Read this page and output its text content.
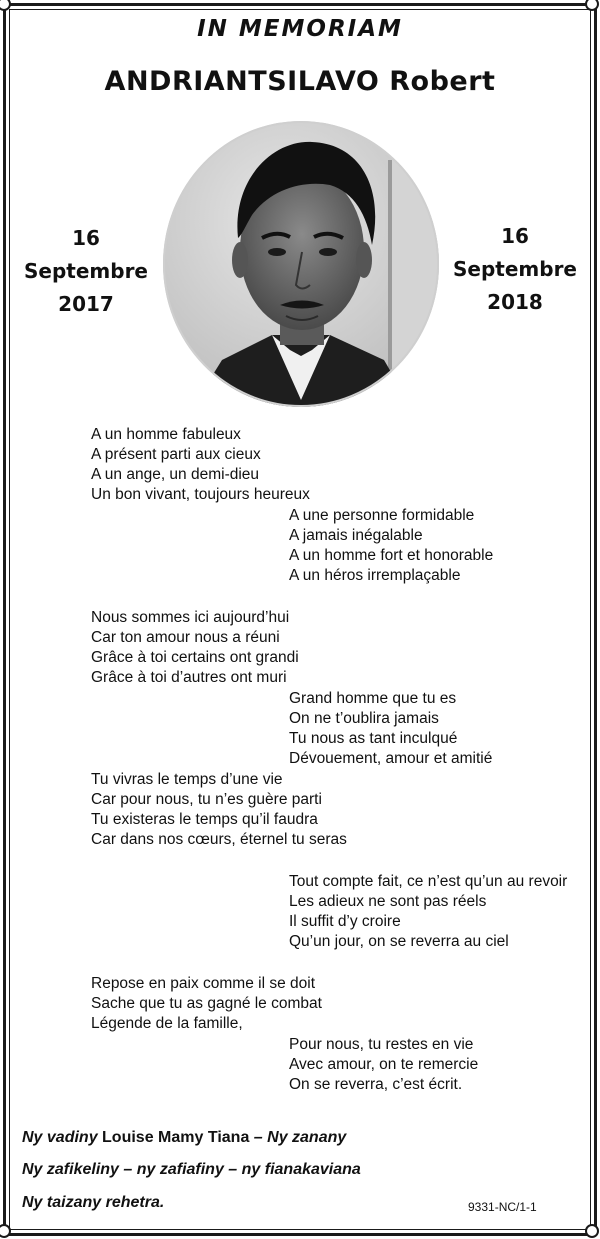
IN MEMORIAM
ANDRIANTSILAVO Robert
16
Septembre
2017
16
Septembre
2018
A un homme fabuleux
A présent parti aux cieux
A un ange, un demi-dieu
Un bon vivant, toujours heureux
A une personne formidable
A jamais inégalable
A un homme fort et honorable
A un héros irremplaçable
Nous sommes ici aujourd’hui
Car ton amour nous a réuni
Grâce à toi certains ont grandi
Grâce à toi d’autres ont muri
Grand homme que tu es
On ne t’oublira jamais
Tu nous as tant inculqué
Dévouement, amour et amitié
Tu vivras le temps d’une vie
Car pour nous, tu n’es guère parti
Tu existeras le temps qu’il faudra
Car dans nos cœurs, éternel tu seras
Tout compte fait, ce n’est qu’un au revoir
Les adieux ne sont pas réels
Il suffit d’y croire
Qu’un jour, on se reverra au ciel
Repose en paix comme il se doit
Sache que tu as gagné le combat
Légende de la famille,
Pour nous, tu restes en vie
Avec amour, on te remercie
On se reverra, c’est écrit.
Ny vadiny Louise Mamy Tiana – Ny zanany
Ny zafikeliny – ny zafiafiny – ny fianakaviana
Ny taizany rehetra.	9331-NC/1-1
